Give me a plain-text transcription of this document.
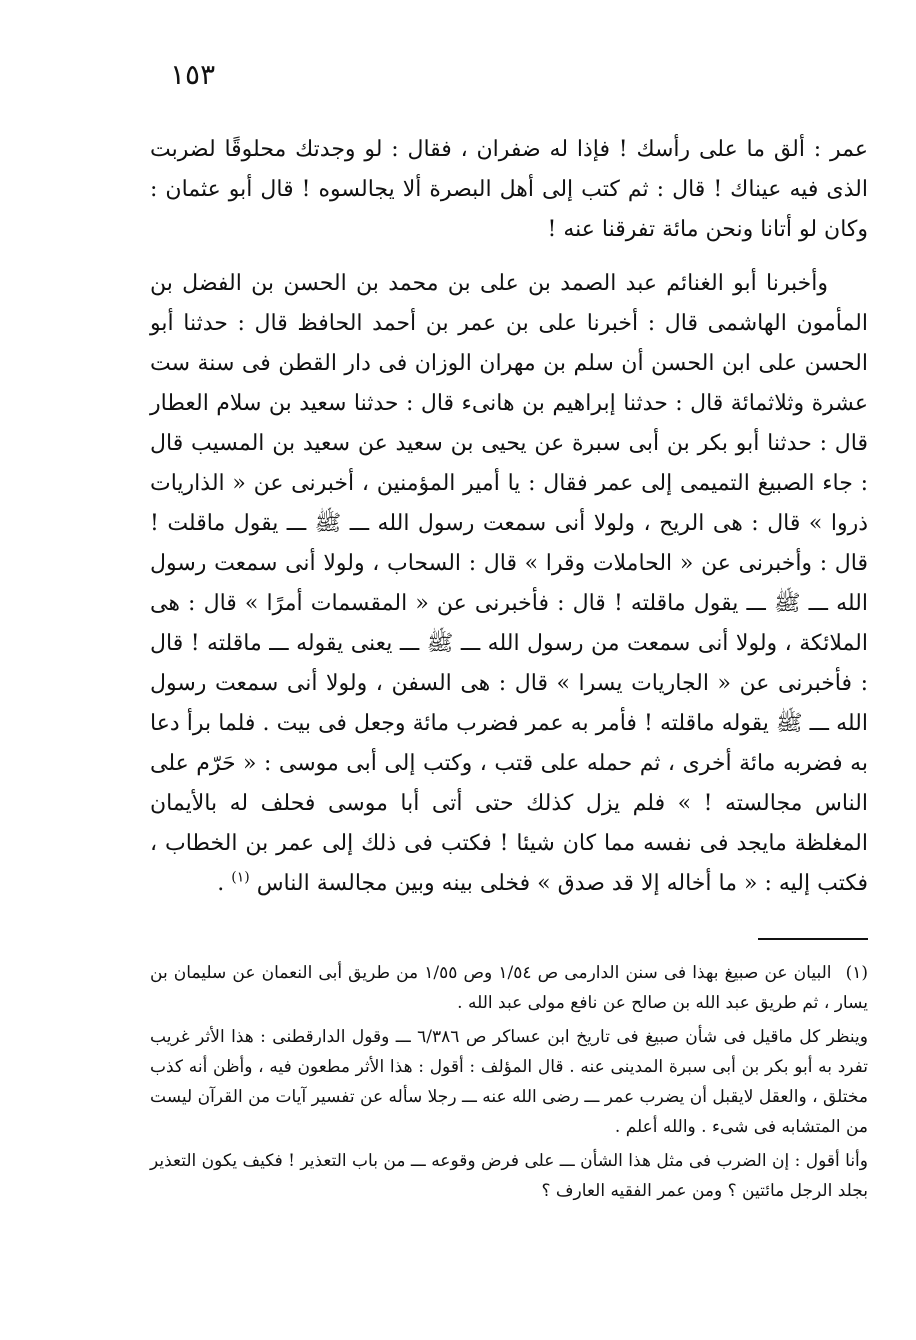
١٥٣

عمر : ألق ما على رأسك ! فإذا له ضفران ، فقال : لو وجدتك محلوقًا لضربت الذى فيه عيناك ! قال : ثم كتب إلى أهل البصرة ألا يجالسوه ! قال أبو عثمان : وكان لو أتانا ونحن مائة تفرقنا عنه !

وأخبرنا أبو الغنائم عبد الصمد بن على بن محمد بن الحسن بن الفضل بن المأمون الهاشمى قال : أخبرنا على بن عمر بن أحمد الحافظ قال : حدثنا أبو الحسن على ابن الحسن أن سلم بن مهران الوزان فى دار القطن فى سنة ست عشرة وثلاثمائة قال : حدثنا إبراهيم بن هانىء قال : حدثنا سعيد بن سلام العطار قال : حدثنا أبو بكر بن أبى سبرة عن يحيى بن سعيد عن سعيد بن المسيب قال : جاء الصبيغ التميمى إلى عمر فقال : يا أمير المؤمنين ، أخبرنى عن « الذاريات ذروا » قال : هى الريح ، ولولا أنى سمعت رسول الله ـــ ﷺ ـــ يقول ماقلت ! قال : وأخبرنى عن « الحاملات وقرا » قال : السحاب ، ولولا أنى سمعت رسول الله ـــ ﷺ ـــ يقول ماقلته ! قال : فأخبرنى عن « المقسمات أمرًا » قال : هى الملائكة ، ولولا أنى سمعت من رسول الله ـــ ﷺ ـــ يعنى يقوله ـــ ماقلته ! قال : فأخبرنى عن « الجاريات يسرا » قال : هى السفن ، ولولا أنى سمعت رسول الله ـــ ﷺ يقوله ماقلته ! فأمر به عمر فضرب مائة وجعل فى بيت . فلما برأ دعا به فضربه مائة أخرى ، ثم حمله على قتب ، وكتب إلى أبى موسى : « حَرّم على الناس مجالسته ! » فلم يزل كذلك حتى أتى أبا موسى فحلف له بالأيمان المغلظة مايجد فى نفسه مما كان شيئا ! فكتب فى ذلك إلى عمر بن الخطاب ، فكتب إليه : « ما أخاله إلا قد صدق » فخلى بينه وبين مجالسة الناس $^{(١)}$ .

(١) البيان عن صبيغ بهذا فى سنن الدارمى ص ١/٥٤ وص ١/٥٥ من طريق أبى النعمان عن سليمان بن يسار ، ثم طريق عبد الله بن صالح عن نافع مولى عبد الله .

وينظر كل ماقيل فى شأن صبيغ فى تاريخ ابن عساكر ص ٦/٣٨٦ ـــ وقول الدارقطنى : هذا الأثر غريب تفرد به أبو بكر بن أبى سبرة المدينى عنه . قال المؤلف : أقول : هذا الأثر مطعون فيه ، وأظن أنه كذب مختلق ، والعقل لايقبل أن يضرب عمر ـــ رضى الله عنه ـــ رجلا سأله عن تفسير آيات من القرآن ليست من المتشابه فى شىء . والله أعلم .

وأنا أقول : إن الضرب فى مثل هذا الشأن ـــ على فرض وقوعه ـــ من باب التعذير ! فكيف يكون التعذير بجلد الرجل مائتين ؟ ومن عمر الفقيه العارف ؟
